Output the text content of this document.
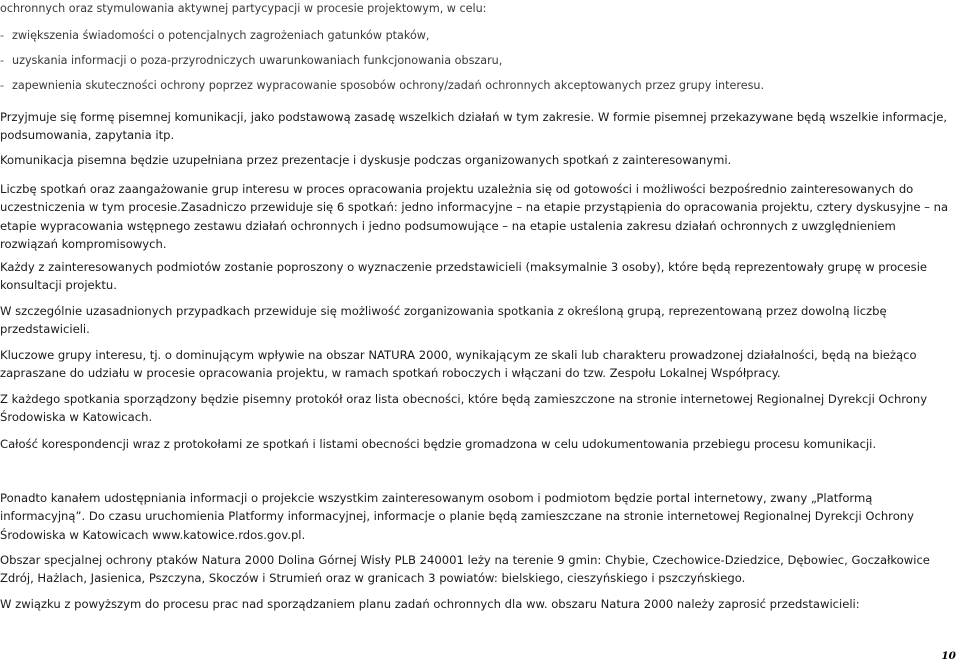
ochronnych oraz stymulowania aktywnej partycypacji w procesie projektowym, w celu:

- zwiększenia świadomości o potencjalnych zagrożeniach gatunków ptaków,

- uzyskania informacji o poza-przyrodniczych uwarunkowaniach funkcjonowania obszaru,

- zapewnienia skuteczności ochrony poprzez wypracowanie sposobów ochrony/zadań ochronnych akceptowanych przez grupy interesu.

Przyjmuje się formę pisemnej komunikacji, jako podstawową zasadę wszelkich działań w tym zakresie. W formie pisemnej przekazywane będą wszelkie informacje, podsumowania, zapytania itp.

Komunikacja pisemna będzie uzupełniana przez prezentacje i dyskusje podczas organizowanych spotkań z zainteresowanymi.

Liczbę spotkań oraz zaangażowanie grup interesu w proces opracowania projektu uzależnia się od gotowości i możliwości bezpośrednio zainteresowanych do uczestniczenia w tym procesie.Zasadniczo przewiduje się 6 spotkań: jedno informacyjne – na etapie przystąpienia do opracowania projektu, cztery dyskusyjne – na etapie wypracowania wstępnego zestawu działań ochronnych i jedno podsumowujące – na etapie ustalenia zakresu działań ochronnych z uwzględnieniem rozwiązań kompromisowych.

Każdy z zainteresowanych podmiotów zostanie poproszony o wyznaczenie przedstawicieli (maksymalnie 3 osoby), które będą reprezentowały grupę w procesie konsultacji projektu.

W szczególnie uzasadnionych przypadkach przewiduje się możliwość zorganizowania spotkania z określoną grupą, reprezentowaną przez dowolną liczbę przedstawicieli.

Kluczowe grupy interesu, tj. o dominującym wpływie na obszar NATURA 2000, wynikającym ze skali lub charakteru prowadzonej działalności, będą na bieżąco zapraszane do udziału w procesie opracowania projektu, w ramach spotkań roboczych i włączani do tzw. Zespołu Lokalnej Współpracy.

Z każdego spotkania sporządzony będzie pisemny protokół oraz lista obecności, które będą zamieszczone na stronie internetowej Regionalnej Dyrekcji Ochrony Środowiska w Katowicach.

Całość korespondencji wraz z protokołami ze spotkań i listami obecności będzie gromadzona w celu udokumentowania przebiegu procesu komunikacji.

Ponadto kanałem udostępniania informacji o projekcie wszystkim zainteresowanym osobom i podmiotom będzie portal internetowy, zwany „Platformą informacyjną”. Do czasu uruchomienia Platformy informacyjnej, informacje o planie będą zamieszczane na stronie internetowej Regionalnej Dyrekcji Ochrony Środowiska w Katowicach www.katowice.rdos.gov.pl.

Obszar specjalnej ochrony ptaków Natura 2000 Dolina Górnej Wisły PLB 240001 leży na terenie 9 gmin: Chybie, Czechowice-Dziedzice, Dębowiec, Goczałkowice Zdrój, Hażlach, Jasienica, Pszczyna, Skoczów i Strumień oraz w granicach 3 powiatów: bielskiego, cieszyńskiego i pszczyńskiego.

W związku z powyższym do procesu prac nad sporządzaniem planu zadań ochronnych dla ww. obszaru Natura 2000 należy zaprosić przedstawicieli:

10
